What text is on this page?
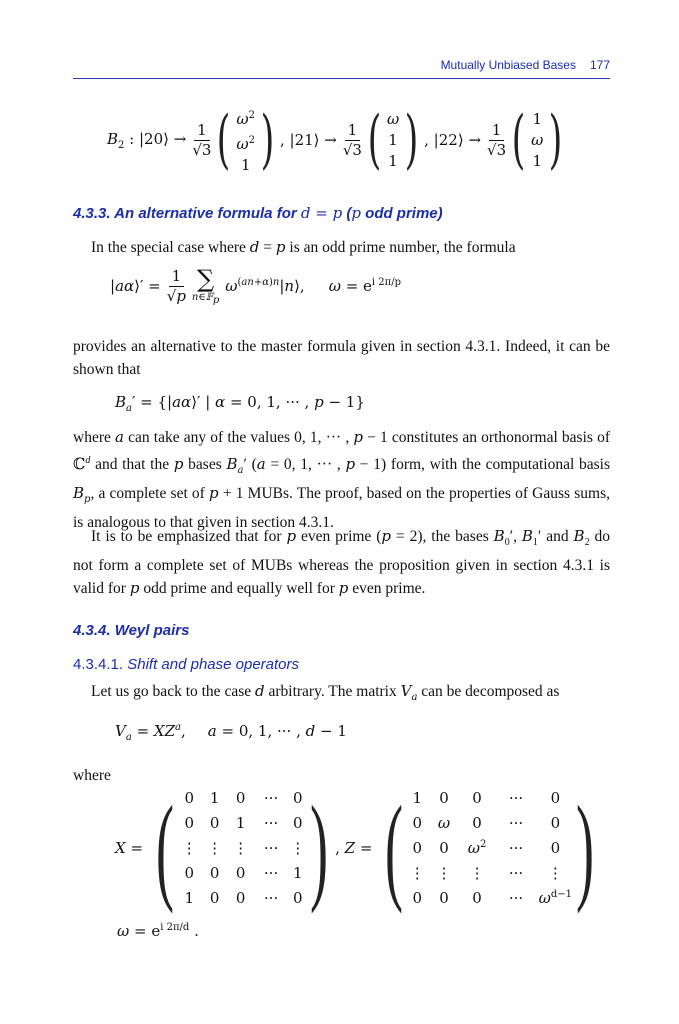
Mutually Unbiased Bases 177
$B_2$ : |20⟩ → $\frac{1}{√3}$ ( $\omega^2$
$\omega^2$
1 ) , |21⟩ → $\frac{1}{√3}$ ( ω
1
1 ) , |22⟩ → $\frac{1}{√3}$ ( 1
ω
1 )
4.3.3. An alternative formula for d = p (p odd prime)
In the special case where d = p is an odd prime number, the formula
|aα⟩′ = $\frac{1}{√p}$ ∑
n∈𝔽$_p$
$\omega^{(an+\alpha)n}|n⟩$, $\omega = e^{i 2\pi/p}$
provides an alternative to the master formula given in section 4.3.1. Indeed, it can be shown that
$B_a'$ = {|aα⟩′ | α = 0, 1, ··· , p − 1}
where a can take any of the values 0, 1, ··· , p − 1 constitutes an orthonormal basis of ℂ$^d$ and that the p bases $B_a'$ (a = 0, 1, ··· , p − 1) form, with the computational basis $B_p$, a complete set of p + 1 MUBs. The proof, based on the properties of Gauss sums, is analogous to that given in section 4.3.1.
It is to be emphasized that for p even prime (p = 2), the bases $B_0'$, $B_1'$ and $B_2$ do not form a complete set of MUBs whereas the proposition given in section 4.3.1 is valid for p odd prime and equally well for p even prime.
4.3.4. Weyl pairs
4.3.4.1. Shift and phase operators
Let us go back to the case d arbitrary. The matrix $V_a$ can be decomposed as
$V_a = XZ^a$, a = 0, 1, ··· , d − 1
where
X = ( 0	1	0	···	0
0	0	1	···	0
⋮	⋮	⋮	···	⋮
0	0	0	···	1
1	0	0	···	0 ) , Z = ( 1	0	0	···	0
0	ω	0	···	0
0	0	$\omega^2$	···	0
⋮	⋮	⋮	···	⋮
0	0	0	···	$\omega^{d-1}$ )
$\omega = e^{i 2\pi/d}$ .
